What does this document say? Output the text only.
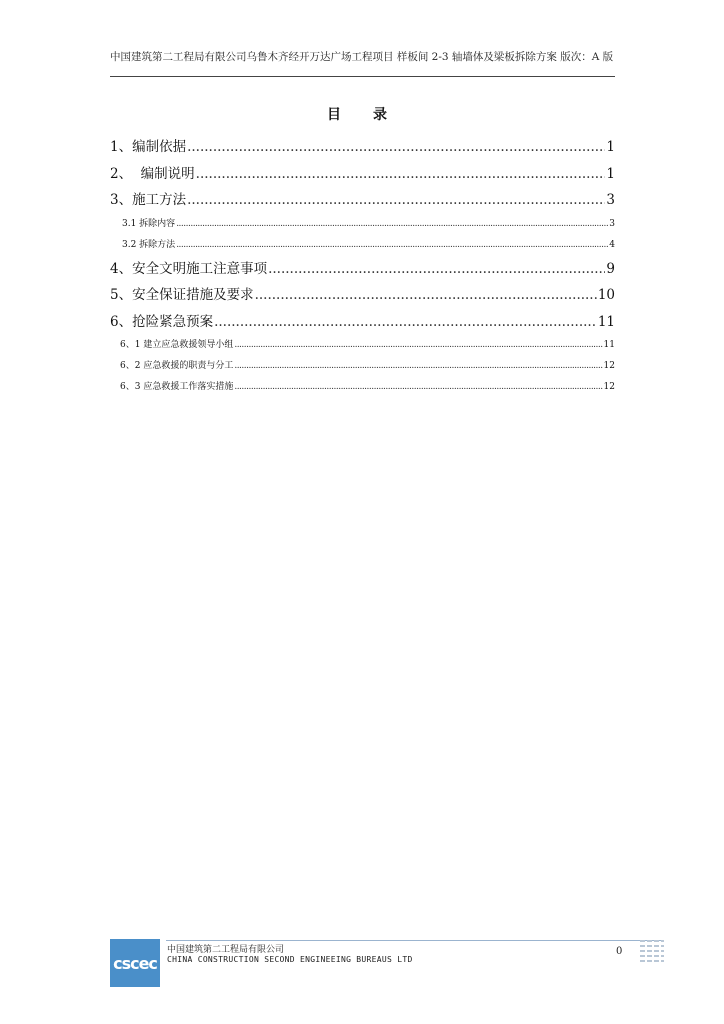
中国建筑第二工程局有限公司乌鲁木齐经开万达广场工程项目 样板间 2-3 轴墙体及梁板拆除方案 版次：A 版
目录
1、编制依据 .....	1
2、  编制说明 .....	1
3、施工方法 .....	3
3.1 拆除内容 .....	3
3.2 拆除方法 .....	4
4、安全文明施工注意事项 .....	9
5、安全保证措施及要求 .....	10
6、抢险紧急预案 .....	11
6、1 建立应急救援领导小组 .....	11
6、2 应急救援的职责与分工 .....	12
6、3 应急救援工作落实措施 .....	12
cscec
中国建筑第二工程局有限公司
CHINA CONSTRUCTION SECOND ENGINEEING BUREAUS LTD
0
